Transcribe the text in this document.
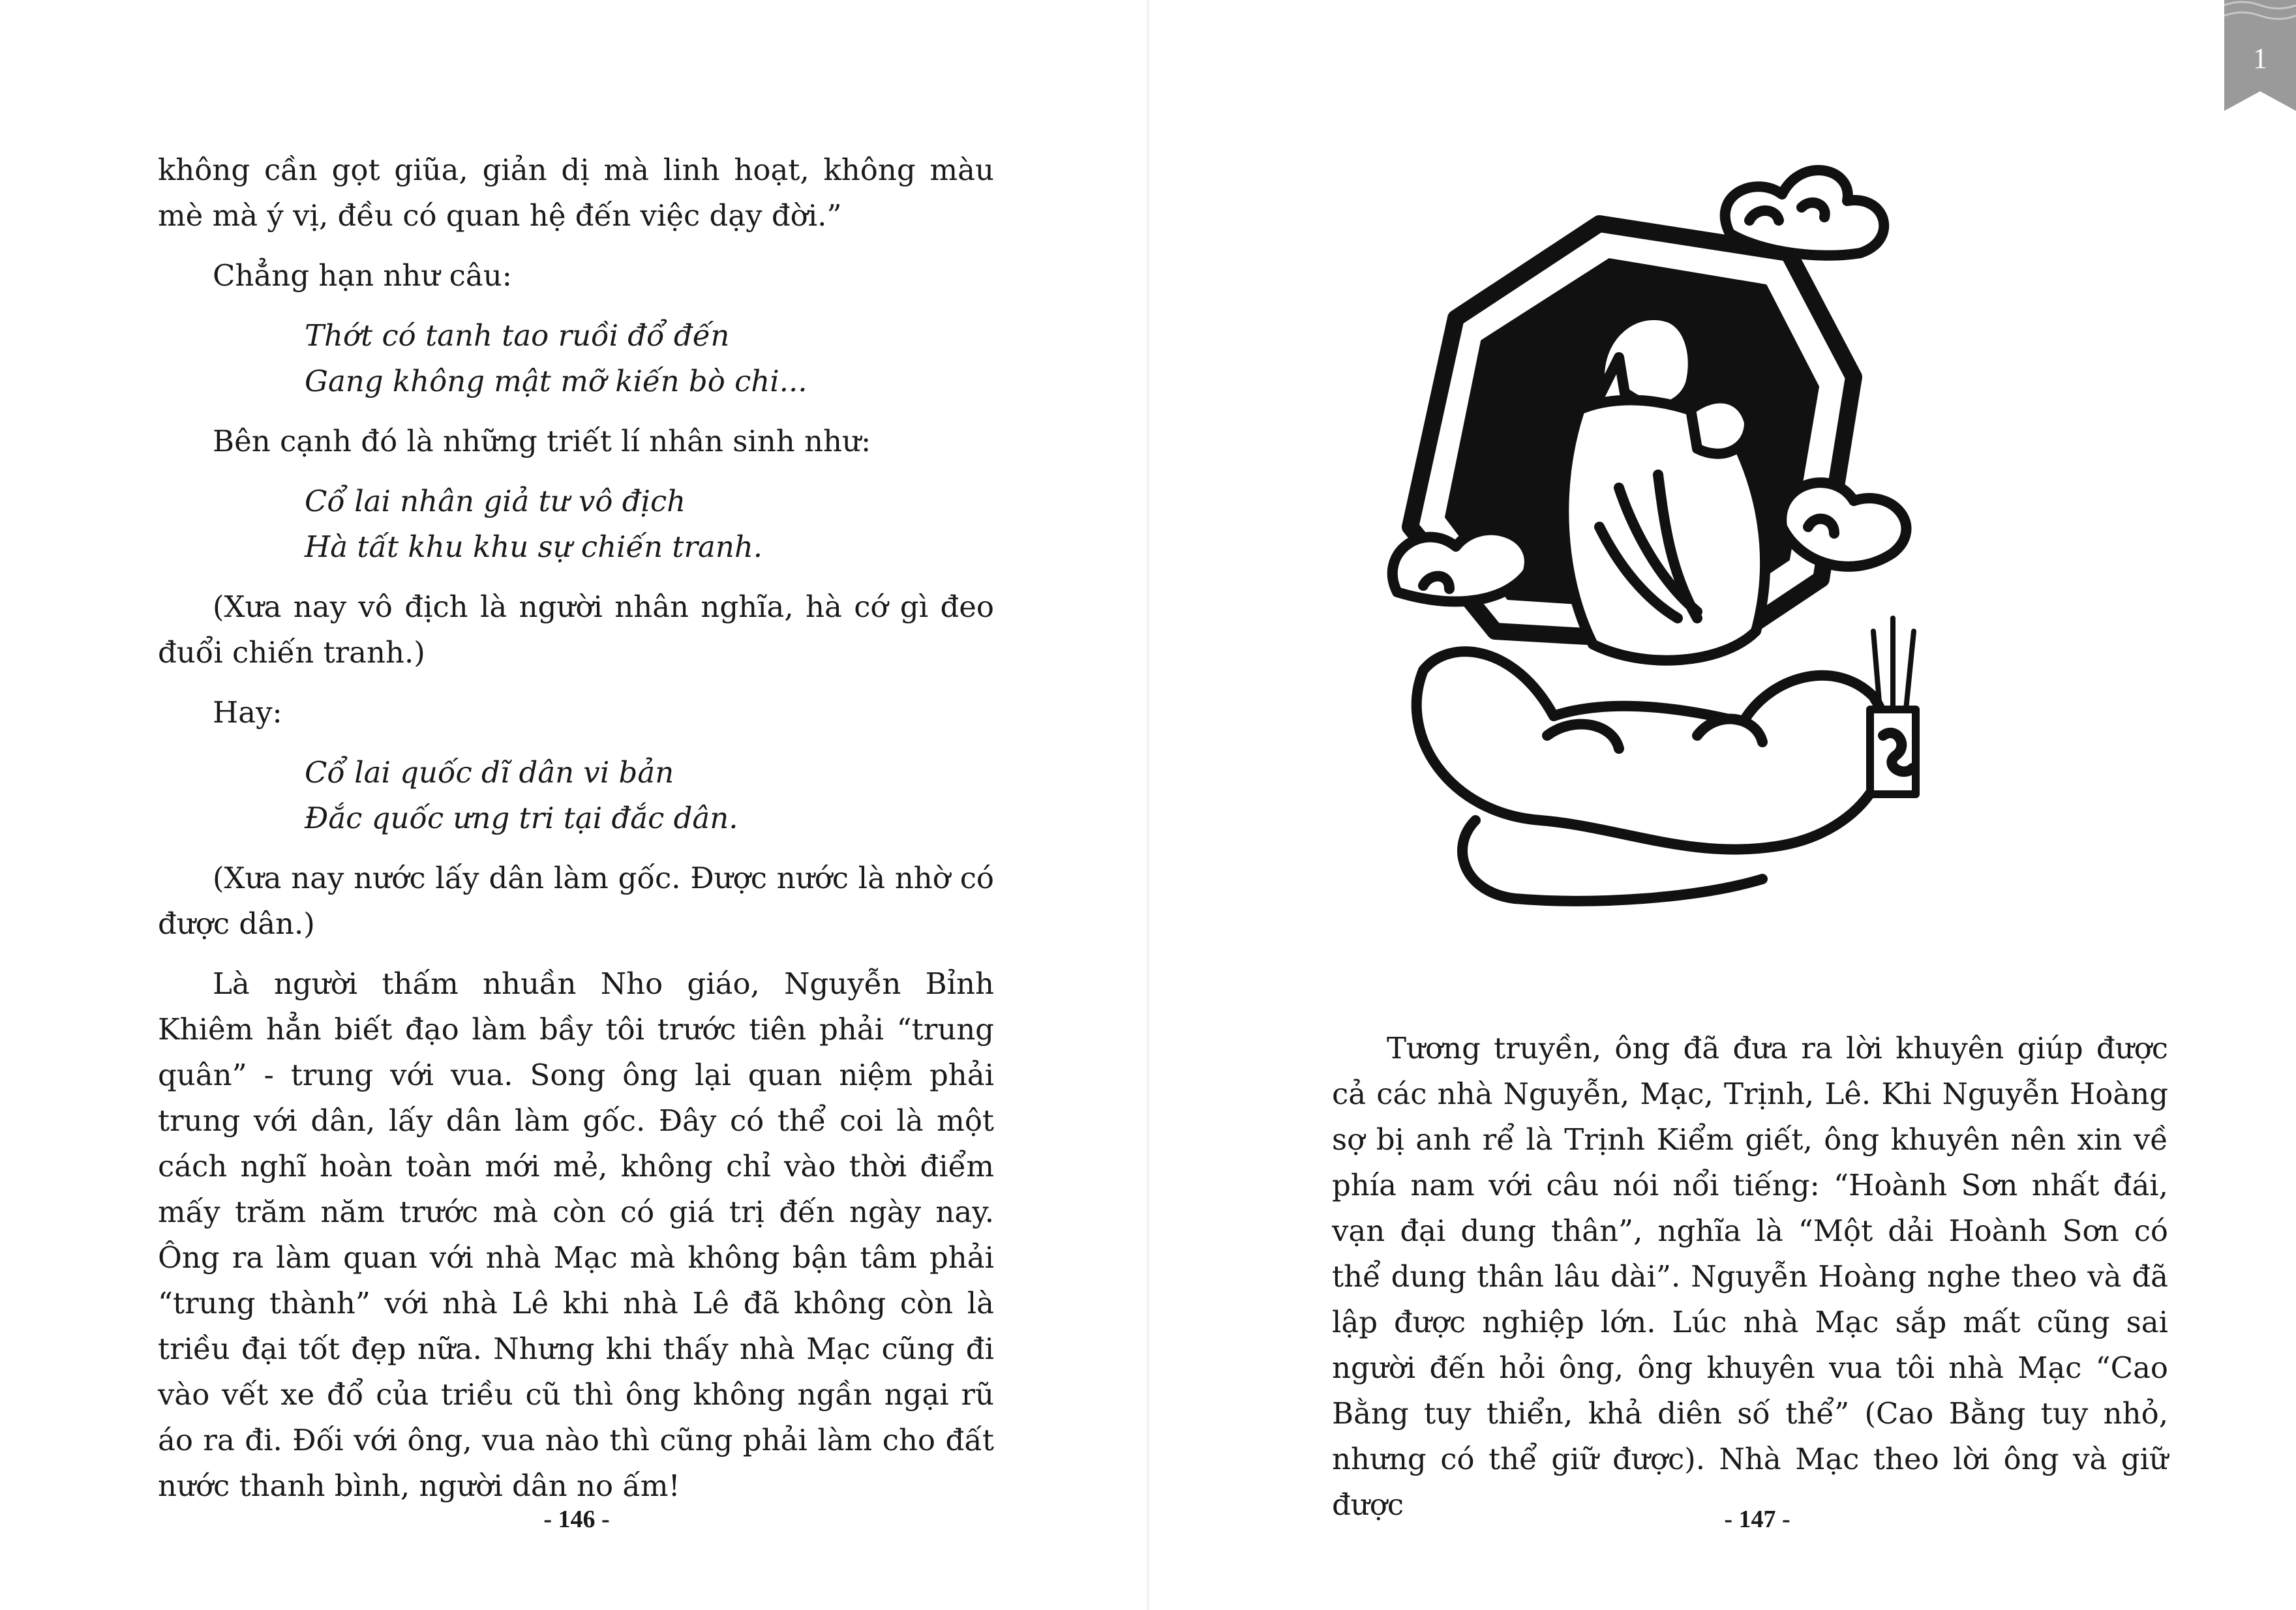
không cần gọt giũa, giản dị mà linh hoạt, không màu mè mà ý vị, đều có quan hệ đến việc dạy đời.”

Chẳng hạn như câu:

Thớt có tanh tao ruồi đổ đến

Gang không mật mỡ kiến bò chi...

Bên cạnh đó là những triết lí nhân sinh như:

Cổ lai nhân giả tư vô địch

Hà tất khu khu sự chiến tranh.

(Xưa nay vô địch là người nhân nghĩa, hà cớ gì đeo đuổi chiến tranh.)

Hay:

Cổ lai quốc dĩ dân vi bản

Đắc quốc ưng tri tại đắc dân.

(Xưa nay nước lấy dân làm gốc. Được nước là nhờ có được dân.)

Là người thấm nhuần Nho giáo, Nguyễn Bỉnh Khiêm hẳn biết đạo làm bầy tôi trước tiên phải “trung quân” - trung với vua. Song ông lại quan niệm phải trung với dân, lấy dân làm gốc. Đây có thể coi là một cách nghĩ hoàn toàn mới mẻ, không chỉ vào thời điểm mấy trăm năm trước mà còn có giá trị đến ngày nay. Ông ra làm quan với nhà Mạc mà không bận tâm phải “trung thành” với nhà Lê khi nhà Lê đã không còn là triều đại tốt đẹp nữa. Nhưng khi thấy nhà Mạc cũng đi vào vết xe đổ của triều cũ thì ông không ngần ngại rũ áo ra đi. Đối với ông, vua nào thì cũng phải làm cho đất nước thanh bình, người dân no ấm!

- 146 -

Tương truyền, ông đã đưa ra lời khuyên giúp được cả các nhà Nguyễn, Mạc, Trịnh, Lê. Khi Nguyễn Hoàng sợ bị anh rể là Trịnh Kiểm giết, ông khuyên nên xin về phía nam với câu nói nổi tiếng: “Hoành Sơn nhất đái, vạn đại dung thân”, nghĩa là “Một dải Hoành Sơn có thể dung thân lâu dài”. Nguyễn Hoàng nghe theo và đã lập được nghiệp lớn. Lúc nhà Mạc sắp mất cũng sai người đến hỏi ông, ông khuyên vua tôi nhà Mạc “Cao Bằng tuy thiển, khả diên số thể” (Cao Bằng tuy nhỏ, nhưng có thể giữ được). Nhà Mạc theo lời ông và giữ được	- 147 -
1
